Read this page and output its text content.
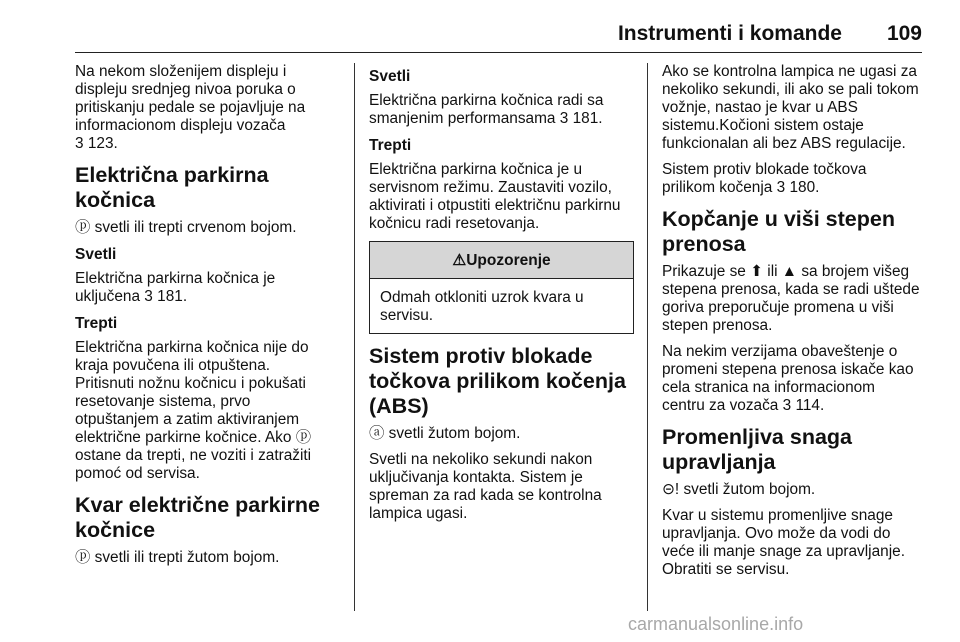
Instrumenti i komande 109

Na nekom složenijem displeju i
displeju srednjeg nivoa poruka o
pritiskanju pedale se pojavljuje na
informacionom displeju vozača
3 123.

Električna parkirna kočnica

ⓟ svetli ili trepti crvenom bojom.

Svetli

Električna parkirna kočnica je
uključena 3 181.

Trepti

Električna parkirna kočnica nije do
kraja povučena ili otpuštena.
Pritisnuti nožnu kočnicu i pokušati
resetovanje sistema, prvo
otpuštanjem a zatim aktiviranjem
električne parkirne kočnice. Ako ⓟ
ostane da trepti, ne voziti i zatražiti
pomoć od servisa.

Kvar električne parkirne
kočnice

ⓟ svetli ili trepti žutom bojom.

Svetli

Električna parkirna kočnica radi sa
smanjenim performansama 3 181.

Trepti

Električna parkirna kočnica je u
servisnom režimu. Zaustaviti vozilo,
aktivirati i otpustiti električnu parkirnu
kočnicu radi resetovanja.

⚠Upozorenje

Odmah otkloniti uzrok kvara u
servisu.

Sistem protiv blokade
točkova prilikom kočenja
(ABS)

ⓐ svetli žutom bojom.

Svetli na nekoliko sekundi nakon
uključivanja kontakta. Sistem je
spreman za rad kada se kontrolna
lampica ugasi.

Ako se kontrolna lampica ne ugasi za
nekoliko sekundi, ili ako se pali tokom
vožnje, nastao je kvar u ABS
sistemu.Kočioni sistem ostaje
funkcionalan ali bez ABS regulacije.

Sistem protiv blokade točkova
prilikom kočenja 3 180.

Kopčanje u viši stepen
prenosa

Prikazuje se ⬆ ili ▲ sa brojem višeg
stepena prenosa, kada se radi uštede
goriva preporučuje promena u viši
stepen prenosa.

Na nekim verzijama obaveštenje o
promeni stepena prenosa iskače kao
cela stranica na informacionom
centru za vozača 3 114.

Promenljiva snaga
upravljanja

⊝! svetli žutom bojom.

Kvar u sistemu promenljive snage
upravljanja. Ovo može da vodi do
veće ili manje snage za upravljanje.
Obratiti se servisu.

carmanualsonline.info
